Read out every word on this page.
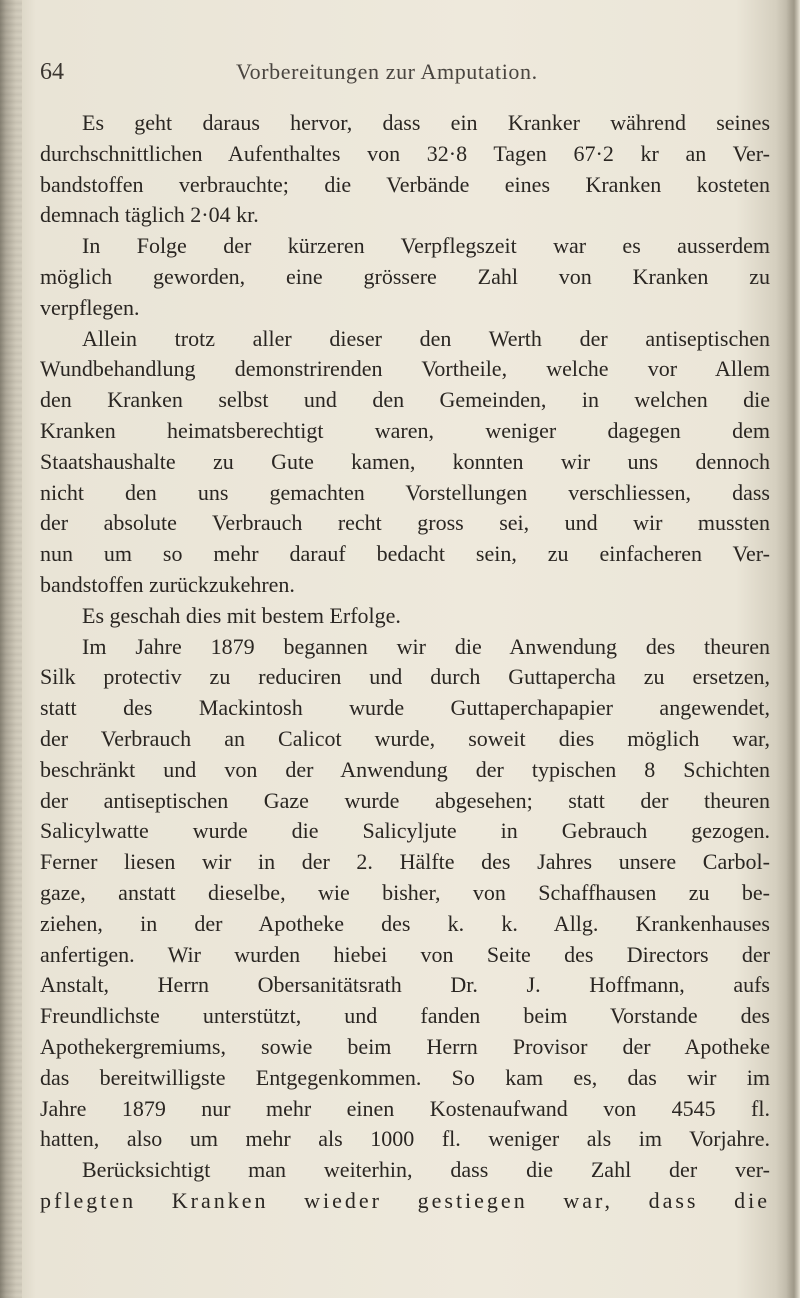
64	Vorbereitungen zur Amputation.
Es geht daraus hervor, dass ein Kranker während seines
durchschnittlichen Aufenthaltes von 32·8 Tagen 67·2 kr an Ver-
bandstoffen verbrauchte; die Verbände eines Kranken kosteten
demnach täglich 2·04 kr.
In Folge der kürzeren Verpflegszeit war es ausserdem
möglich geworden, eine grössere Zahl von Kranken zu
verpflegen.
Allein trotz aller dieser den Werth der antiseptischen
Wundbehandlung demonstrirenden Vortheile, welche vor Allem
den Kranken selbst und den Gemeinden, in welchen die
Kranken heimatsberechtigt waren, weniger dagegen dem
Staatshaushalte zu Gute kamen, konnten wir uns dennoch
nicht den uns gemachten Vorstellungen verschliessen, dass
der absolute Verbrauch recht gross sei, und wir mussten
nun um so mehr darauf bedacht sein, zu einfacheren Ver-
bandstoffen zurückzukehren.
Es geschah dies mit bestem Erfolge.
Im Jahre 1879 begannen wir die Anwendung des theuren
Silk protectiv zu reduciren und durch Guttapercha zu ersetzen,
statt des Mackintosh wurde Guttaperchapapier angewendet,
der Verbrauch an Calicot wurde, soweit dies möglich war,
beschränkt und von der Anwendung der typischen 8 Schichten
der antiseptischen Gaze wurde abgesehen; statt der theuren
Salicylwatte wurde die Salicyljute in Gebrauch gezogen.
Ferner liesen wir in der 2. Hälfte des Jahres unsere Carbol-
gaze, anstatt dieselbe, wie bisher, von Schaffhausen zu be-
ziehen, in der Apotheke des k. k. Allg. Krankenhauses
anfertigen. Wir wurden hiebei von Seite des Directors der
Anstalt, Herrn Obersanitätsrath Dr. J. Hoffmann, aufs
Freundlichste unterstützt, und fanden beim Vorstande des
Apothekergremiums, sowie beim Herrn Provisor der Apotheke
das bereitwilligste Entgegenkommen. So kam es, das wir im
Jahre 1879 nur mehr einen Kostenaufwand von 4545 fl.
hatten, also um mehr als 1000 fl. weniger als im Vorjahre.
Berücksichtigt man weiterhin, dass die Zahl der ver-
pflegten Kranken wieder gestiegen war, dass die
